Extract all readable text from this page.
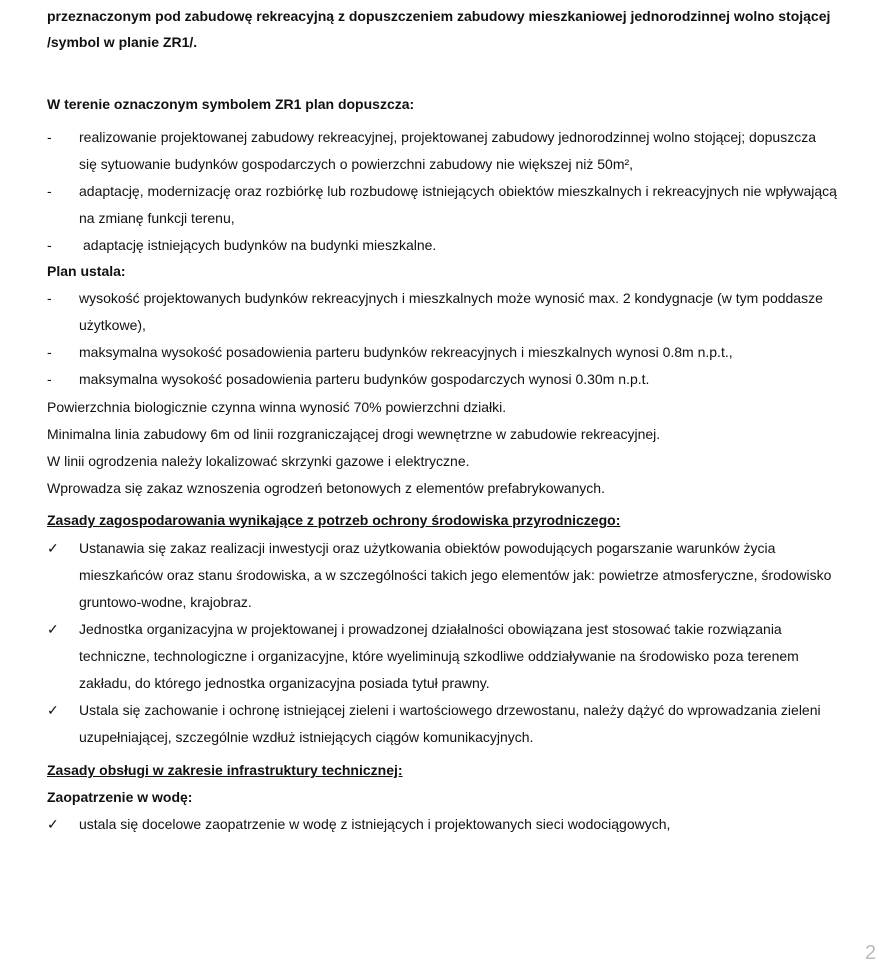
przeznaczonym pod zabudowę rekreacyjną z dopuszczeniem zabudowy mieszkaniowej jednorodzinnej wolno stojącej /symbol w planie ZR1/.

W terenie oznaczonym symbolem ZR1 plan dopuszcza:

-	realizowanie projektowanej zabudowy rekreacyjnej, projektowanej zabudowy jednorodzinnej wolno stojącej; dopuszcza się sytuowanie budynków gospodarczych o powierzchni zabudowy nie większej niż 50m²,
-	adaptację, modernizację oraz rozbiórkę lub rozbudowę istniejących obiektów mieszkalnych i rekreacyjnych nie wpływającą na zmianę funkcji terenu,
-	adaptację istniejących budynków na budynki mieszkalne.

Plan ustala:

-	wysokość projektowanych budynków rekreacyjnych i mieszkalnych może wynosić max. 2 kondygnacje (w tym poddasze użytkowe),
-	maksymalna wysokość posadowienia parteru budynków rekreacyjnych i mieszkalnych wynosi 0.8m n.p.t.,
-	maksymalna wysokość posadowienia parteru budynków gospodarczych wynosi 0.30m n.p.t.

Powierzchnia biologicznie czynna winna wynosić 70% powierzchni działki.

Minimalna linia zabudowy 6m od linii rozgraniczającej drogi wewnętrzne w zabudowie rekreacyjnej.

W linii ogrodzenia należy lokalizować skrzynki gazowe i elektryczne.

Wprowadza się zakaz wznoszenia ogrodzeń betonowych z elementów prefabrykowanych.

Zasady zagospodarowania wynikające z potrzeb ochrony środowiska przyrodniczego:

✓	Ustanawia się zakaz realizacji inwestycji oraz użytkowania obiektów powodujących pogarszanie warunków życia mieszkańców oraz stanu środowiska, a w szczególności takich jego elementów jak: powietrze atmosferyczne, środowisko gruntowo-wodne, krajobraz.
✓	Jednostka organizacyjna w projektowanej i prowadzonej działalności obowiązana jest stosować takie rozwiązania techniczne, technologiczne i organizacyjne, które wyeliminują szkodliwe oddziaływanie na środowisko poza terenem zakładu, do którego jednostka organizacyjna posiada tytuł prawny.
✓	Ustala się zachowanie i ochronę istniejącej zieleni i wartościowego drzewostanu, należy dążyć do wprowadzania zieleni uzupełniającej, szczególnie wzdłuż istniejących ciągów komunikacyjnych.

Zasady obsługi w zakresie infrastruktury technicznej:

Zaopatrzenie w wodę:

✓	ustala się docelowe zaopatrzenie w wodę z istniejących i projektowanych sieci wodociągowych,
2
